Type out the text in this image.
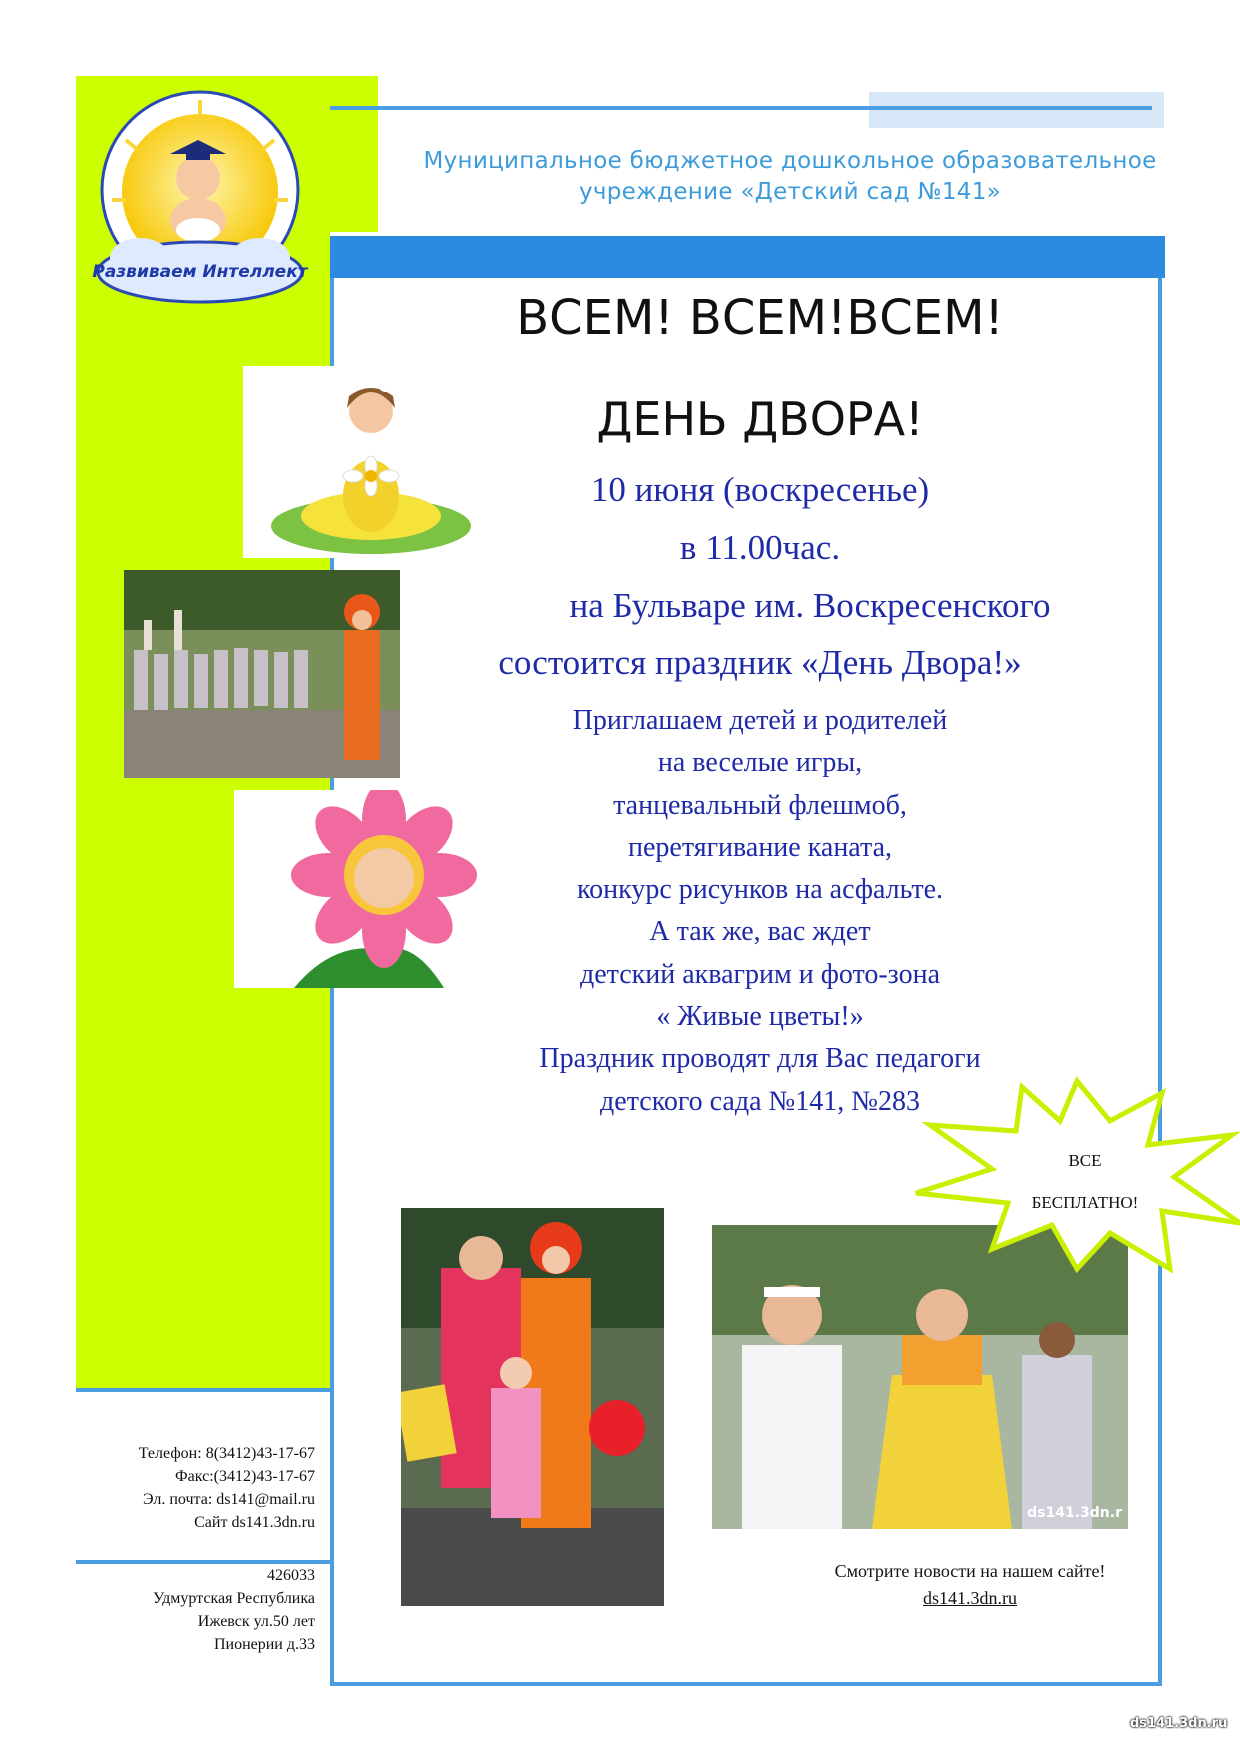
Развиваем Интеллект
Муниципальное бюджетное дошкольное образовательное
учреждение «Детский сад №141»
ВСЕМ! ВСЕМ!ВСЕМ!
ДЕНЬ ДВОРА!
10 июня (воскресенье)
в 11.00час.
на Бульваре им. Воскресенского
состоится праздник «День Двора!»
Приглашаем детей и родителей
на веселые игры,
танцевальный флешмоб,
перетягивание каната,
конкурс рисунков на асфальте.
А так же, вас ждет
детский аквагрим и фото-зона
« Живые цветы!»
Праздник проводят для Вас педагоги
детского сада №141, №283
ds141.3dn.r
ВСЕ
БЕСПЛАТНО!
Телефон: 8(3412)43-17-67
Факс:(3412)43-17-67
Эл. почта: ds141@mail.ru
Сайт ds141.3dn.ru
426033
Удмуртская Республика
Ижевск ул.50 лет
Пионерии д.33
Смотрите новости на нашем сайте!
ds141.3dn.ru
ds141.3dn.ru
